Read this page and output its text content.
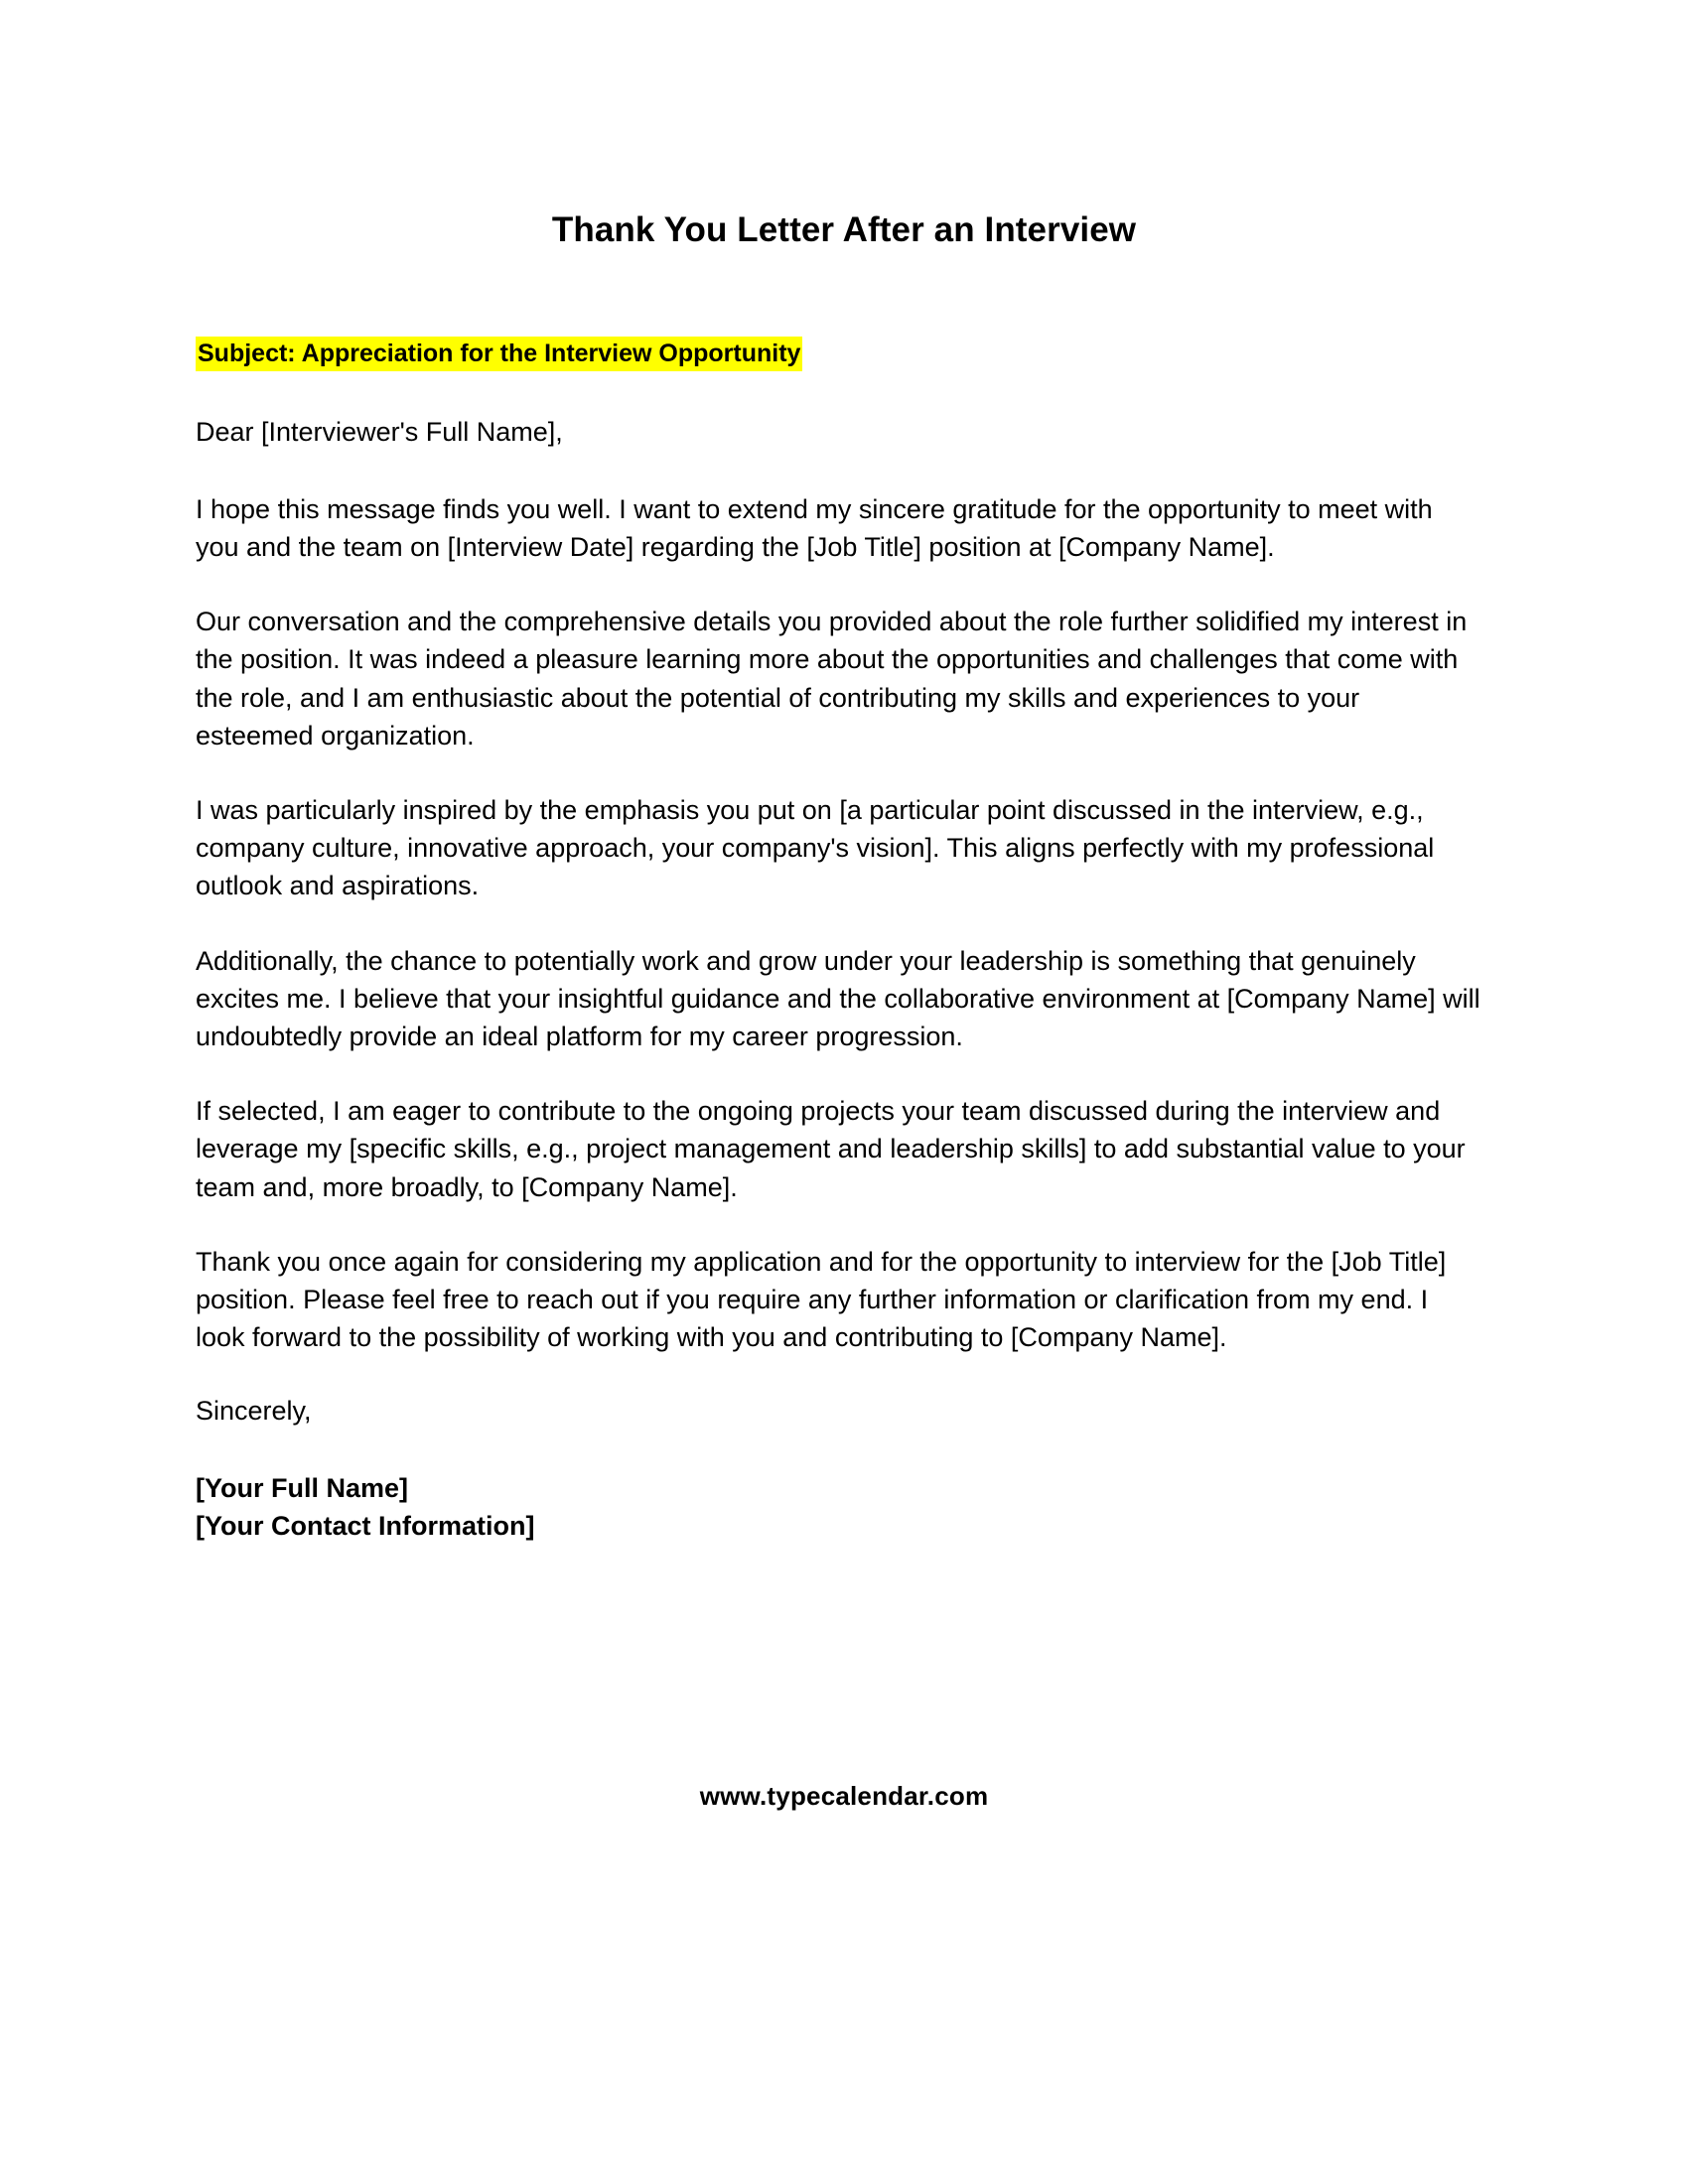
Thank You Letter After an Interview

Subject: Appreciation for the Interview Opportunity

Dear [Interviewer's Full Name],

I hope this message finds you well. I want to extend my sincere gratitude for the opportunity to meet with you and the team on [Interview Date] regarding the [Job Title] position at [Company Name].

Our conversation and the comprehensive details you provided about the role further solidified my interest in the position. It was indeed a pleasure learning more about the opportunities and challenges that come with the role, and I am enthusiastic about the potential of contributing my skills and experiences to your esteemed organization.

I was particularly inspired by the emphasis you put on [a particular point discussed in the interview, e.g., company culture, innovative approach, your company's vision]. This aligns perfectly with my professional outlook and aspirations.

Additionally, the chance to potentially work and grow under your leadership is something that genuinely excites me. I believe that your insightful guidance and the collaborative environment at [Company Name] will undoubtedly provide an ideal platform for my career progression.

If selected, I am eager to contribute to the ongoing projects your team discussed during the interview and leverage my [specific skills, e.g., project management and leadership skills] to add substantial value to your team and, more broadly, to [Company Name].

Thank you once again for considering my application and for the opportunity to interview for the [Job Title] position. Please feel free to reach out if you require any further information or clarification from my end. I look forward to the possibility of working with you and contributing to [Company Name].

Sincerely,

[Your Full Name]
[Your Contact Information]
www.typecalendar.com
